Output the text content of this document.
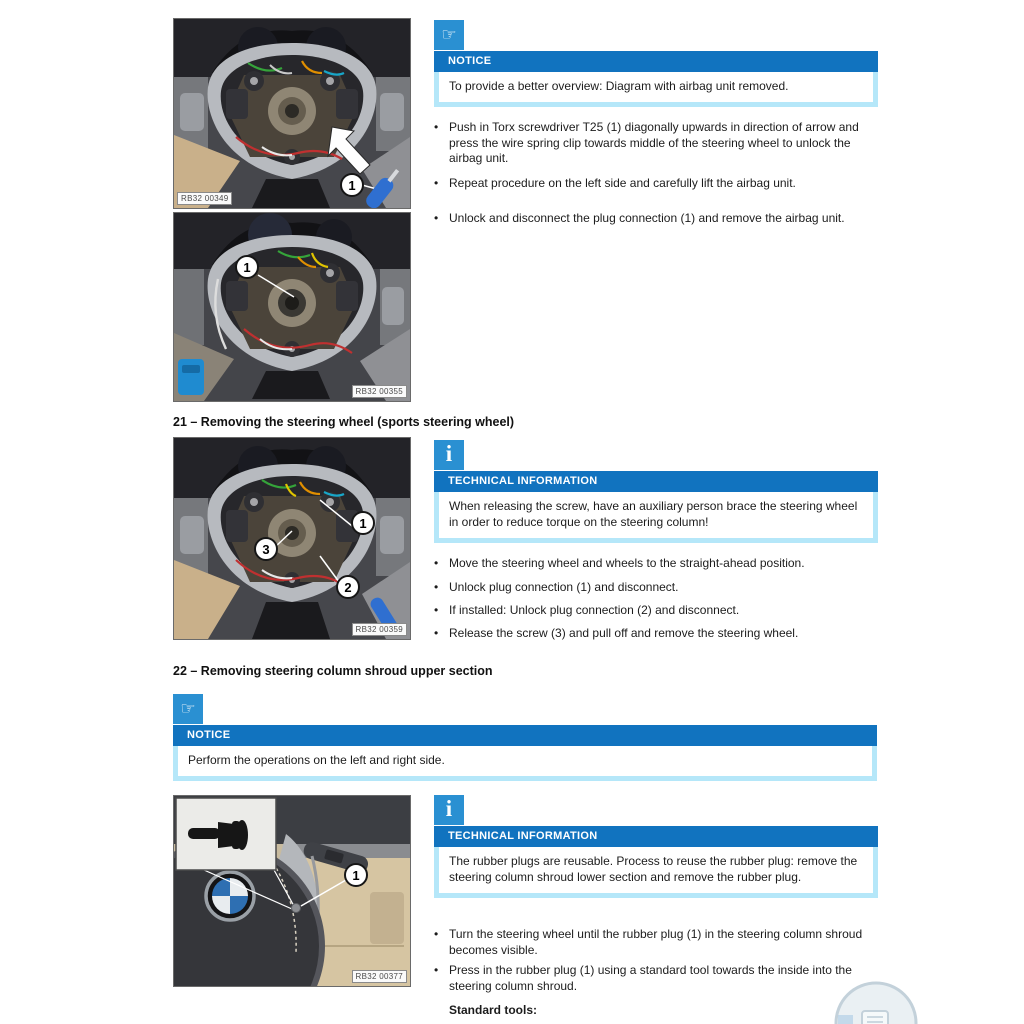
1
RB32 00349
1
RB32 00355
☞
NOTICE
To provide a better overview: Diagram with airbag unit removed.
• Push in Torx screwdriver T25 (1) diagonally upwards in direction of arrow and press the wire spring clip towards middle of the steering wheel to unlock the airbag unit.
• Repeat procedure on the left side and carefully lift the airbag unit.
• Unlock and disconnect the plug connection (1) and remove the airbag unit.
21 – Removing the steering wheel (sports steering wheel)
1
3
2
RB32 00359
i
TECHNICAL INFORMATION
When releasing the screw, have an auxiliary person brace the steering wheel in order to reduce torque on the steering column!
• Move the steering wheel and wheels to the straight-ahead position.
• Unlock plug connection (1) and disconnect.
• If installed: Unlock plug connection (2) and disconnect.
• Release the screw (3) and pull off and remove the steering wheel.
22 – Removing steering column shroud upper section
☞
NOTICE
Perform the operations on the left and right side.
1
RB32 00377
i
TECHNICAL INFORMATION
The rubber plugs are reusable. Process to reuse the rubber plug: remove the steering column shroud lower section and remove the rubber plug.
• Turn the steering wheel until the rubber plug (1) in the steering column shroud becomes visible.
• Press in the rubber plug (1) using a standard tool towards the inside into the steering column shroud.
Standard tools:
